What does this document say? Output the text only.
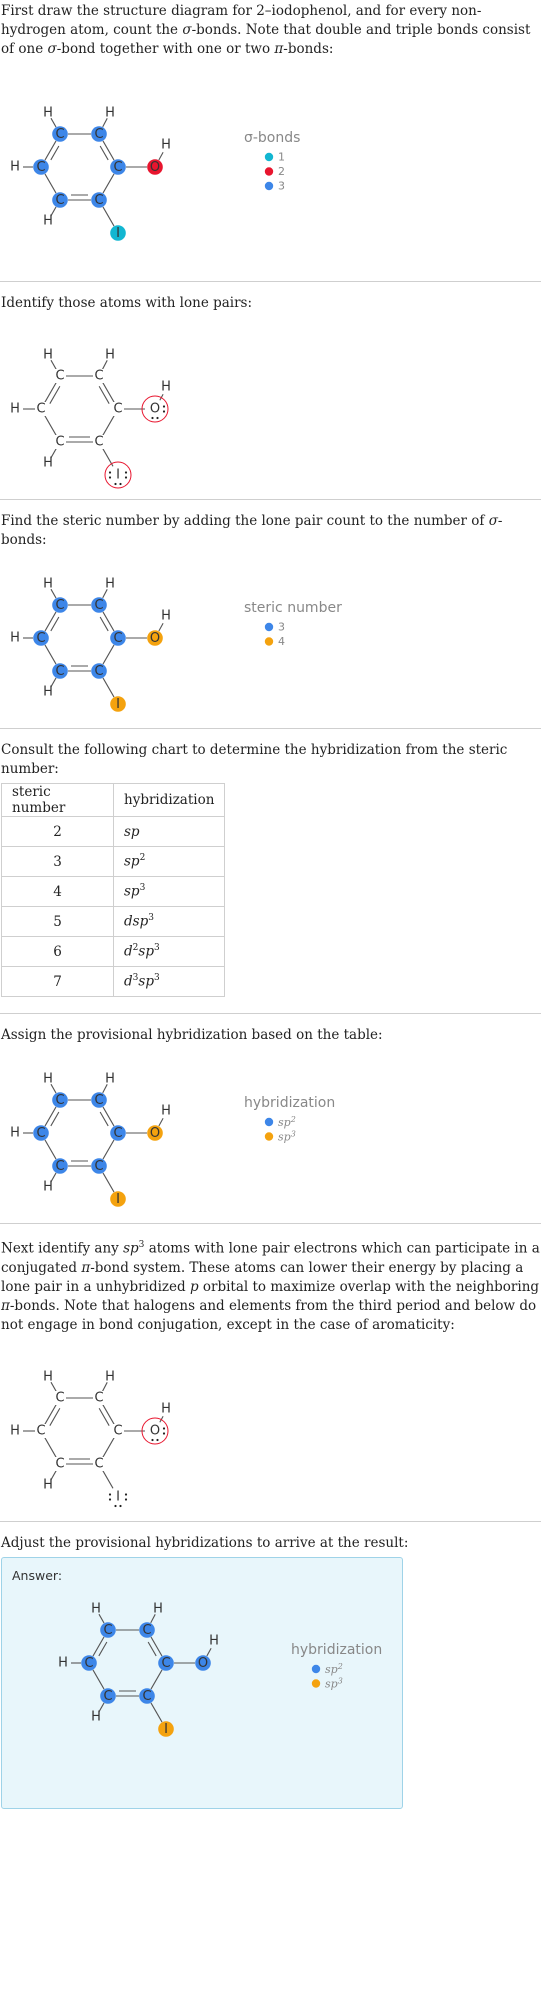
First draw the structure diagram for 2–iodophenol, and for every non-hydrogen atom, count the σ-bonds. Note that double and triple bonds consist of one σ-bond together with one or two π-bonds:
H	H
H
H
H
C C
C
C
C
C	O
I
σ-bonds
1
2
3
Identify those atoms with lone pairs:
H	H
H
H
H
C C
C
C
C
C	O
I
Find the steric number by adding the lone pair count to the number of σ-bonds:
H	H
H
H
H
C C
C
C
C
C	O
I
steric number
3
4
Consult the following chart to determine the hybridization from the steric number:
steric number	hybridization
2	sp
3	$sp^2$
4	$sp^3$
5	dsp$^3$
6	$d^2sp^3$
7	$d^3sp^3$
Assign the provisional hybridization based on the table:
H	H
H
H
H
C C
C
C
C
C	O
I
hybridization
$sp^2$
$sp^3$
Next identify any $sp^3$ atoms with lone pair electrons which can participate in a conjugated π-bond system. These atoms can lower their energy by placing a lone pair in a unhybridized p orbital to maximize overlap with the neighboring π-bonds. Note that halogens and elements from the third period and below do not engage in bond conjugation, except in the case of aromaticity:
H	H
H
H
H
C C
C
C
C
C	O
I
Adjust the provisional hybridizations to arrive at the result:
Answer:
H	H
H
H
H
C C
C
C
C
C	O
I
hybridization
$sp^2$
$sp^3$
